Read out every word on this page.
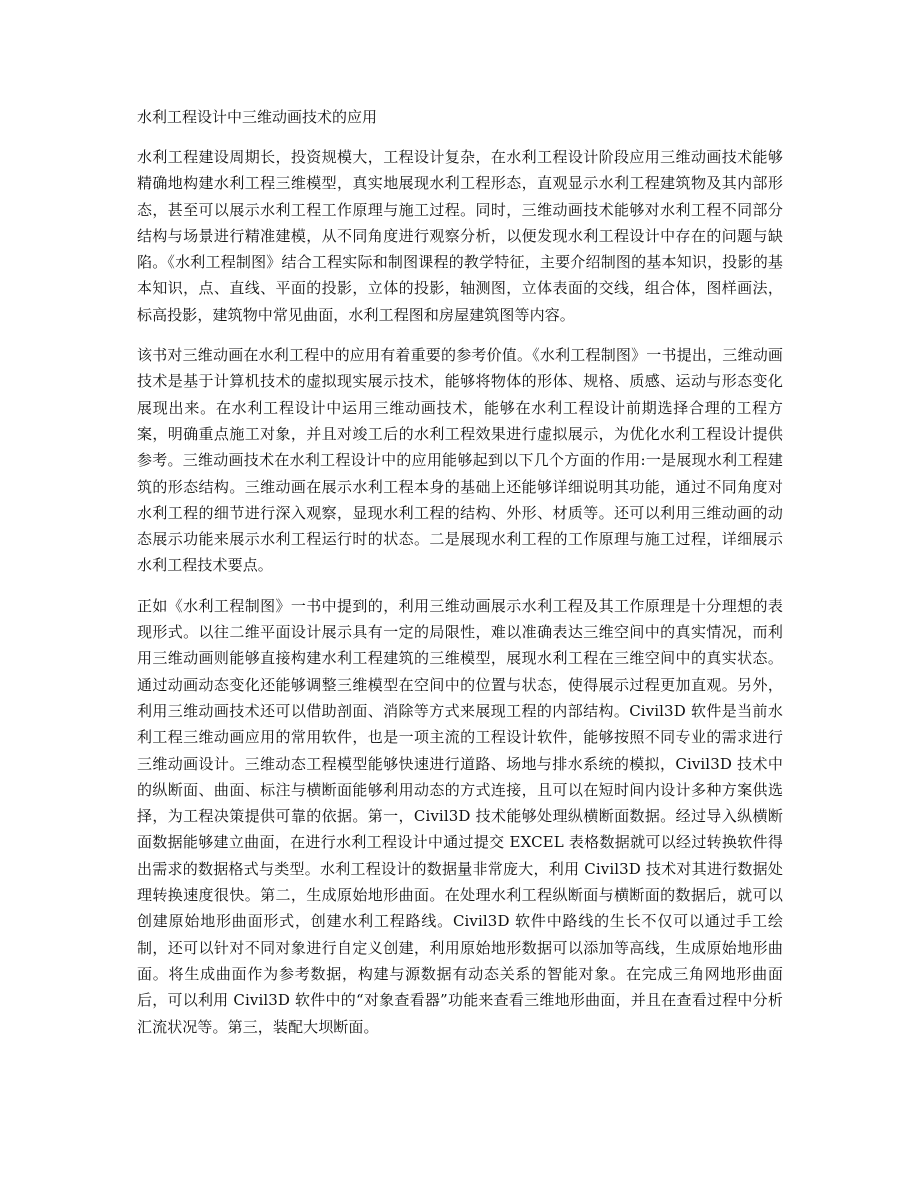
水利工程设计中三维动画技术的应用

水利工程建设周期长，投资规模大，工程设计复杂，在水利工程设计阶段应用三维动画技术能够精确地构建水利工程三维模型，真实地展现水利工程形态，直观显示水利工程建筑物及其内部形态，甚至可以展示水利工程工作原理与施工过程。同时，三维动画技术能够对水利工程不同部分结构与场景进行精准建模，从不同角度进行观察分析，以便发现水利工程设计中存在的问题与缺陷。《水利工程制图》结合工程实际和制图课程的教学特征，主要介绍制图的基本知识，投影的基本知识，点、直线、平面的投影，立体的投影，轴测图，立体表面的交线，组合体，图样画法，标高投影，建筑物中常见曲面，水利工程图和房屋建筑图等内容。

该书对三维动画在水利工程中的应用有着重要的参考价值。《水利工程制图》一书提出，三维动画技术是基于计算机技术的虚拟现实展示技术，能够将物体的形体、规格、质感、运动与形态变化展现出来。在水利工程设计中运用三维动画技术，能够在水利工程设计前期选择合理的工程方案，明确重点施工对象，并且对竣工后的水利工程效果进行虚拟展示，为优化水利工程设计提供参考。三维动画技术在水利工程设计中的应用能够起到以下几个方面的作用:一是展现水利工程建筑的形态结构。三维动画在展示水利工程本身的基础上还能够详细说明其功能，通过不同角度对水利工程的细节进行深入观察，显现水利工程的结构、外形、材质等。还可以利用三维动画的动态展示功能来展示水利工程运行时的状态。二是展现水利工程的工作原理与施工过程，详细展示水利工程技术要点。

正如《水利工程制图》一书中提到的，利用三维动画展示水利工程及其工作原理是十分理想的表现形式。以往二维平面设计展示具有一定的局限性，难以准确表达三维空间中的真实情况，而利用三维动画则能够直接构建水利工程建筑的三维模型，展现水利工程在三维空间中的真实状态。通过动画动态变化还能够调整三维模型在空间中的位置与状态，使得展示过程更加直观。另外，利用三维动画技术还可以借助剖面、消除等方式来展现工程的内部结构。Civil3D 软件是当前水利工程三维动画应用的常用软件，也是一项主流的工程设计软件，能够按照不同专业的需求进行三维动画设计。三维动态工程模型能够快速进行道路、场地与排水系统的模拟，Civil3D 技术中的纵断面、曲面、标注与横断面能够利用动态的方式连接，且可以在短时间内设计多种方案供选择，为工程决策提供可靠的依据。第一，Civil3D 技术能够处理纵横断面数据。经过导入纵横断面数据能够建立曲面，在进行水利工程设计中通过提交 EXCEL 表格数据就可以经过转换软件得出需求的数据格式与类型。水利工程设计的数据量非常庞大，利用 Civil3D 技术对其进行数据处理转换速度很快。第二，生成原始地形曲面。在处理水利工程纵断面与横断面的数据后，就可以创建原始地形曲面形式，创建水利工程路线。Civil3D 软件中路线的生长不仅可以通过手工绘制，还可以针对不同对象进行自定义创建，利用原始地形数据可以添加等高线，生成原始地形曲面。将生成曲面作为参考数据，构建与源数据有动态关系的智能对象。在完成三角网地形曲面后，可以利用 Civil3D 软件中的“对象查看器”功能来查看三维地形曲面，并且在查看过程中分析汇流状况等。第三，装配大坝断面。
